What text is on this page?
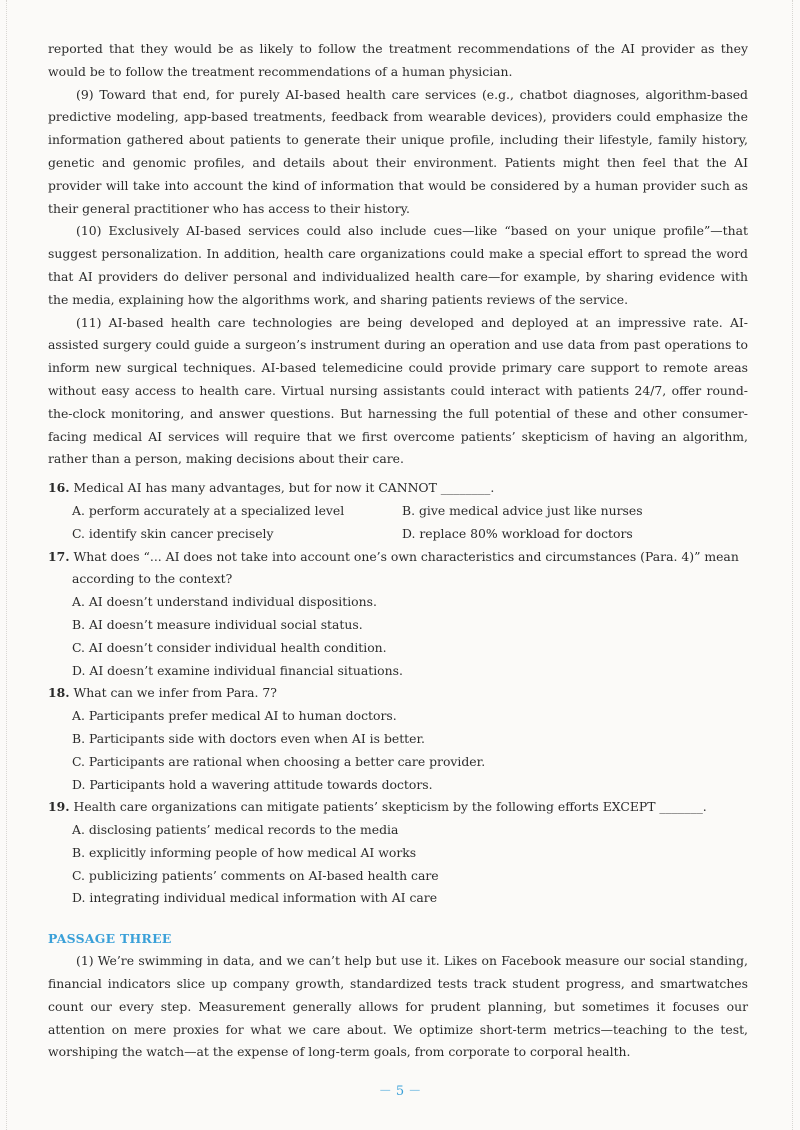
reported that they would be as likely to follow the treatment recommendations of the AI provider as they would be to follow the treatment recommendations of a human physician.

(9) Toward that end, for purely AI-based health care services (e.g., chatbot diagnoses, algorithm-based predictive modeling, app-based treatments, feedback from wearable devices), providers could emphasize the information gathered about patients to generate their unique profile, including their lifestyle, family history, genetic and genomic profiles, and details about their environment. Patients might then feel that the AI provider will take into account the kind of information that would be considered by a human provider such as their general practitioner who has access to their history.

(10) Exclusively AI-based services could also include cues—like “based on your unique profile”—that suggest personalization. In addition, health care organizations could make a special effort to spread the word that AI providers do deliver personal and individualized health care—for example, by sharing evidence with the media, explaining how the algorithms work, and sharing patients reviews of the service.

(11) AI-based health care technologies are being developed and deployed at an impressive rate. AI-assisted surgery could guide a surgeon’s instrument during an operation and use data from past operations to inform new surgical techniques. AI-based telemedicine could provide primary care support to remote areas without easy access to health care. Virtual nursing assistants could interact with patients 24/7, offer round-the-clock monitoring, and answer questions. But harnessing the full potential of these and other consumer-facing medical AI services will require that we first overcome patients’ skepticism of having an algorithm, rather than a person, making decisions about their care.

16. Medical AI has many advantages, but for now it CANNOT ________.

A. perform accurately at a specialized level	B. give medical advice just like nurses
C. identify skin cancer precisely	D. replace 80% workload for doctors

17. What does “... AI does not take into account one’s own characteristics and circumstances (Para. 4)” mean according to the context?

A. AI doesn’t understand individual dispositions.

B. AI doesn’t measure individual social status.

C. AI doesn’t consider individual health condition.

D. AI doesn’t examine individual financial situations.

18. What can we infer from Para. 7?

A. Participants prefer medical AI to human doctors.

B. Participants side with doctors even when AI is better.

C. Participants are rational when choosing a better care provider.

D. Participants hold a wavering attitude towards doctors.

19. Health care organizations can mitigate patients’ skepticism by the following efforts EXCEPT _______.

A. disclosing patients’ medical records to the media

B. explicitly informing people of how medical AI works

C. publicizing patients’ comments on AI-based health care

D. integrating individual medical information with AI care

PASSAGE THREE

(1) We’re swimming in data, and we can’t help but use it. Likes on Facebook measure our social standing, financial indicators slice up company growth, standardized tests track student progress, and smartwatches count our every step. Measurement generally allows for prudent planning, but sometimes it focuses our attention on mere proxies for what we care about. We optimize short-term metrics—teaching to the test, worshiping the watch—at the expense of long-term goals, from corporate to corporal health.

－ 5 －
